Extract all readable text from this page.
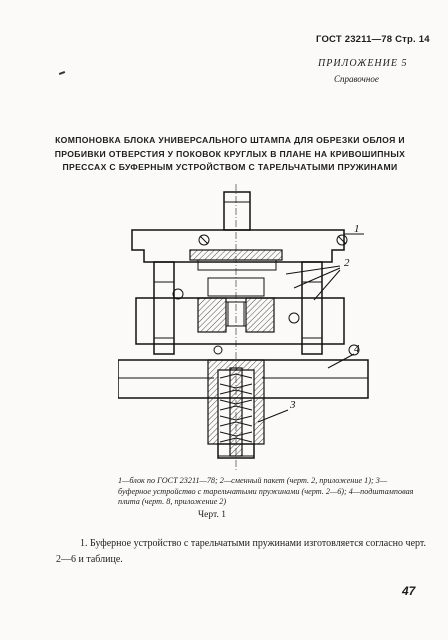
ГОСТ 23211—78 Стр. 14
ПРИЛОЖЕНИЕ 5
Справочное
КОМПОНОВКА БЛОКА УНИВЕРСАЛЬНОГО ШТАМПА ДЛЯ ОБРЕЗКИ ОБЛОЯ И ПРОБИВКИ ОТВЕРСТИЯ У ПОКОВОК КРУГЛЫХ В ПЛАНЕ НА КРИВОШИПНЫХ ПРЕССАХ С БУФЕРНЫМ УСТРОЙСТВОМ С ТАРЕЛЬЧАТЫМИ ПРУЖИНАМИ
1
2
3
4
1—блок по ГОСТ 23211—78; 2—сменный пакет (черт. 2, приложение 1); 3—буферное устройство с тарельчатыми пружинами (черт. 2—6); 4—подштамповая плита (черт. 8, приложение 2)
Черт. 1
1. Буферное устройство с тарельчатыми пружинами изготовляется согласно черт. 2—6 и таблице.
47
